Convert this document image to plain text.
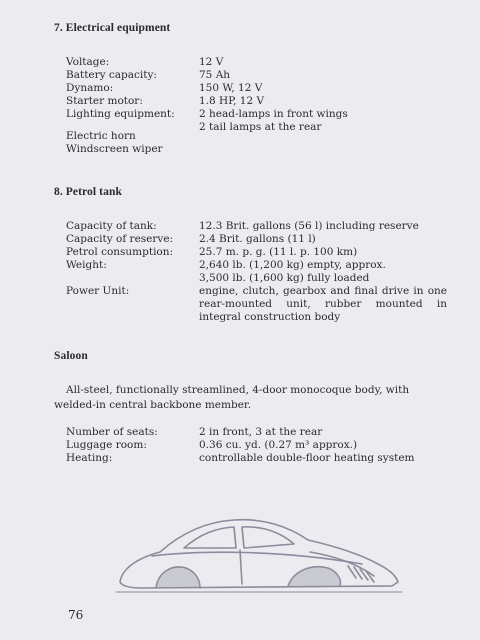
7. Electrical equipment
Voltage:	12 V
Battery capacity:	75 Ah
Dynamo:	150 W, 12 V
Starter motor:	1.8 HP, 12 V
Lighting equipment: 2 head-lamps in front wings
2 tail lamps at the rear
Electric horn
Windscreen wiper
8. Petrol tank
Capacity of tank:	12.3 Brit. gallons (56 l) including reserve
Capacity of reserve: 2.4 Brit. gallons (11 l)
Petrol consumption: 25.7 m. p. g. (11 l. p. 100 km)
Weight:	2,640 lb. (1,200 kg) empty, approx.
3,500 lb. (1,600 kg) fully loaded
Power Unit:	engine, clutch, gearbox and final drive in one rear-mounted unit, rubber mounted in integral construction body
Saloon
All-steel, functionally streamlined, 4-door monocoque body, with welded-in central backbone member.
Number of seats:	2 in front, 3 at the rear
Luggage room:	0.36 cu. yd. (0.27 m³ approx.)
Heating:	controllable double-floor heating system
76
